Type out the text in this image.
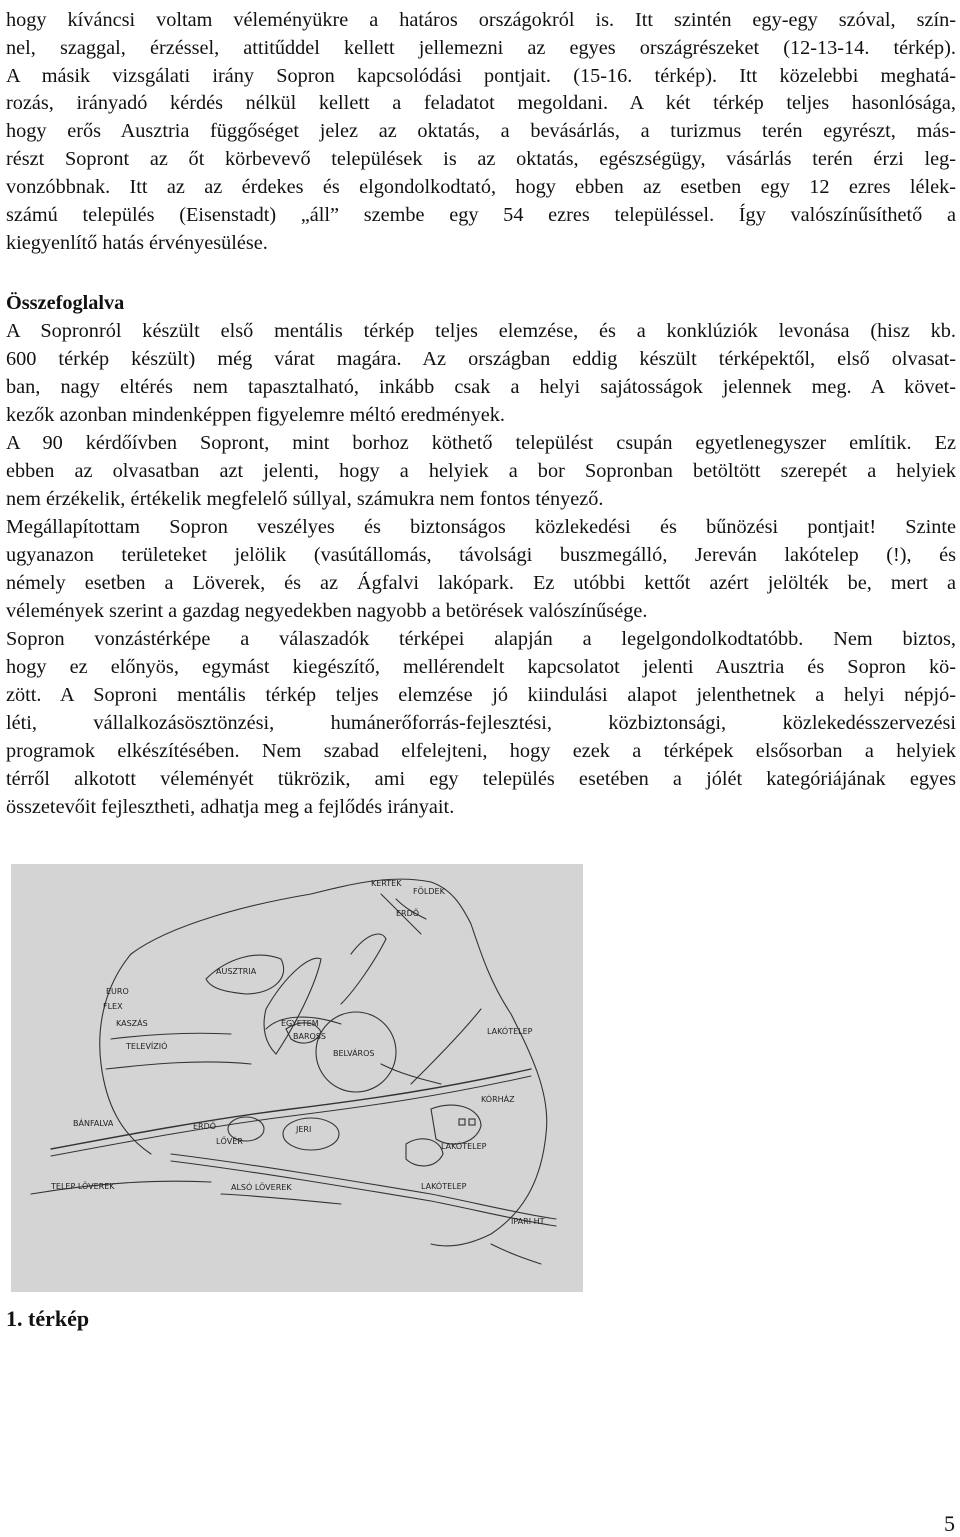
hogy kíváncsi voltam véleményükre a határos országokról is. Itt szintén egy-egy szóval, szín-
nel, szaggal, érzéssel, attitűddel kellett jellemezni az egyes országrészeket (12-13-14. térkép).
A másik vizsgálati irány Sopron kapcsolódási pontjait. (15-16. térkép). Itt közelebbi meghatá-
rozás, irányadó kérdés nélkül kellett a feladatot megoldani. A két térkép teljes hasonlósága,
hogy erős Ausztria függőséget jelez az oktatás, a bevásárlás, a turizmus terén egyrészt, más-
részt Sopront az őt körbevevő települések is az oktatás, egészségügy, vásárlás terén érzi leg-
vonzóbbnak. Itt az az érdekes és elgondolkodtató, hogy ebben az esetben egy 12 ezres lélek-
számú település (Eisenstadt) „áll” szembe egy 54 ezres településsel. Így valószínűsíthető a
kiegyenlítő hatás érvényesülése.
Összefoglalva
A Sopronról készült első mentális térkép teljes elemzése, és a konklúziók levonása (hisz kb.
600 térkép készült) még várat magára. Az országban eddig készült térképektől, első olvasat-
ban, nagy eltérés nem tapasztalható, inkább csak a helyi sajátosságok jelennek meg. A követ-
kezők azonban mindenképpen figyelemre méltó eredmények.
A 90 kérdőívben Sopront, mint borhoz köthető települést csupán egyetlenegyszer említik. Ez
ebben az olvasatban azt jelenti, hogy a helyiek a bor Sopronban betöltött szerepét a helyiek
nem érzékelik, értékelik megfelelő súllyal, számukra nem fontos tényező.
Megállapítottam Sopron veszélyes és biztonságos közlekedési és bűnözési pontjait! Szinte
ugyanazon területeket jelölik (vasútállomás, távolsági buszmegálló, Jereván lakótelep (!), és
némely esetben a Löverek, és az Ágfalvi lakópark. Ez utóbbi kettőt azért jelölték be, mert a
vélemények szerint a gazdag negyedekben nagyobb a betörések valószínűsége.
Sopron vonzástérképe a válaszadók térképei alapján a legelgondolkodtatóbb. Nem biztos,
hogy ez előnyös, egymást kiegészítő, mellérendelt kapcsolatot jelenti Ausztria és Sopron kö-
zött. A Soproni mentális térkép teljes elemzése jó kiindulási alapot jelenthetnek a helyi népjó-
léti, vállalkozásösztönzési, humánerőforrás-fejlesztési, közbiztonsági, közlekedésszervezési
programok elkészítésében. Nem szabad elfelejteni, hogy ezek a térképek elsősorban a helyiek
térről alkotott véleményét tükrözik, ami egy település esetében a jólét kategóriájának egyes
összetevőit fejlesztheti, adhatja meg a fejlődés irányait.
KERTEK
FÖLDEK
ERDŐ
AUSZTRIA
EURO
FLEX
KASZÁS
TELEVÍZIÓ
LAKÓTELEP
BELVÁROS
EGYETEM
BAROSS
BÁNFALVA	ERDŐ
LŐVÉR
JERI
KÓRHÁZ
LAKÓTELEP
TELEP LÖVEREK	ALSÓ LÖVEREK	LAKÓTELEP
IPARI HT
1. térkép
5
